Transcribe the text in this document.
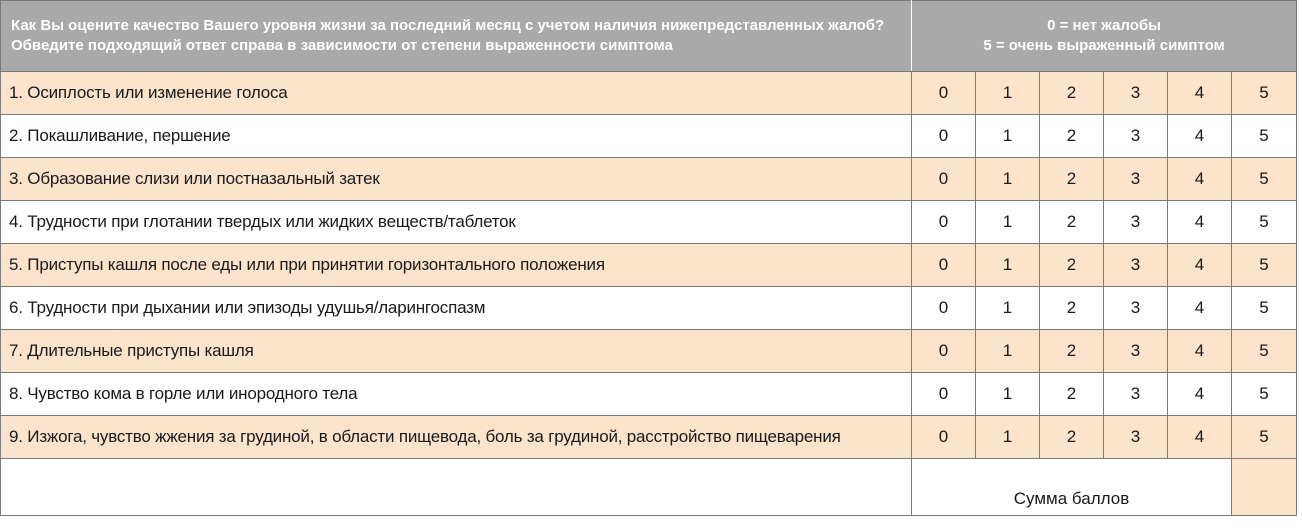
Как Вы оцените качество Вашего уровня жизни за последний месяц с учетом наличия нижепредставленных жалоб? Обведите подходящий ответ справа в зависимости от степени выраженности симптома	0 = нет жалобы
5 = очень выраженный симптом					

1. Осиплость или изменение голоса	0	1	2	3	4	5
2. Покашливание, першение	0	1	2	3	4	5
3. Образование слизи или постназальный затек	0	1	2	3	4	5
4. Трудности при глотании твердых или жидких веществ/таблеток	0	1	2	3	4	5
5. Приступы кашля после еды или при принятии горизонтального положения	0	1	2	3	4	5
6. Трудности при дыхании или эпизоды удушья/ларингоспазм	0	1	2	3	4	5
7. Длительные приступы кашля	0	1	2	3	4	5
8. Чувство кома в горле или инородного тела	0	1	2	3	4	5
9. Изжога, чувство жжения за грудиной, в области пищевода, боль за грудиной, расстройство пищеварения	0	1	2	3	4	5
	Сумма баллов					
